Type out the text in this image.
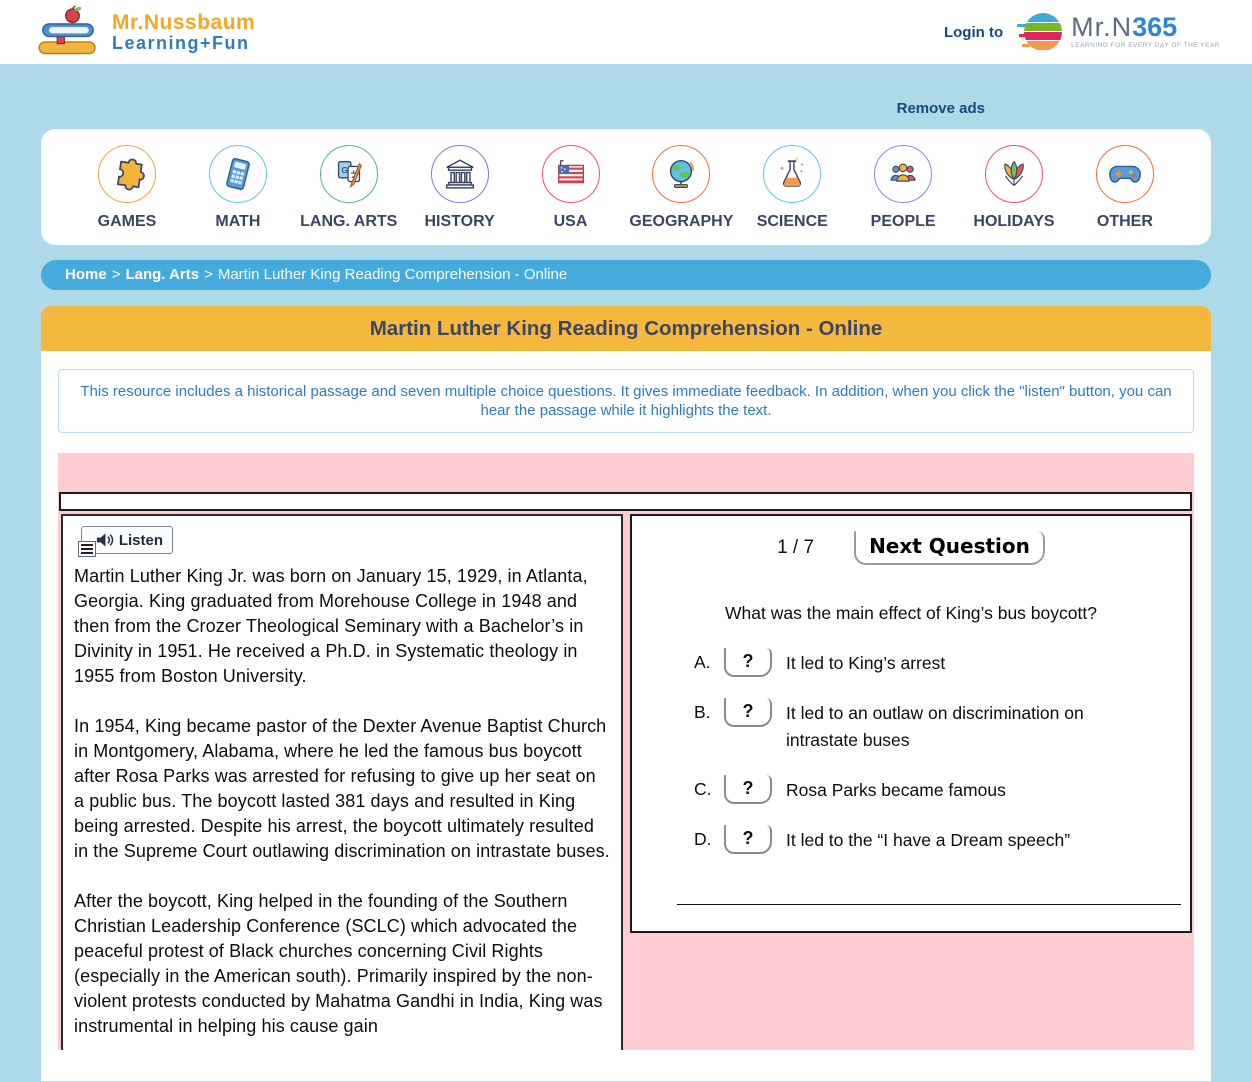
Mr.Nussbaum
Learning+Fun
Login to	Mr.N365
LEARNING FOR EVERY DAY OF THE YEAR
Remove ads
GAMES	MATH
G
LANG. ARTS HISTORY	USA	GEOGRAPHY SCIENCE	PEOPLE HOLIDAYS	OTHER
Home > Lang. Arts > Martin Luther King Reading Comprehension - Online
Martin Luther King Reading Comprehension - Online
This resource includes a historical passage and seven multiple choice questions. It gives immediate feedback. In addition, when you click the "listen" button, you can hear the passage while it highlights the text.
Listen

Martin Luther King Jr. was born on January 15, 1929, in Atlanta, Georgia. King graduated from Morehouse College in 1948 and then from the Crozer Theological Seminary with a Bachelor’s in Divinity in 1951. He received a Ph.D. in Systematic theology in 1955 from Boston University.

In 1954, King became pastor of the Dexter Avenue Baptist Church in Montgomery, Alabama, where he led the famous bus boycott after Rosa Parks was arrested for refusing to give up her seat on a public bus. The boycott lasted 381 days and resulted in King being arrested. Despite his arrest, the boycott ultimately resulted in the Supreme Court outlawing discrimination on intrastate buses.

After the boycott, King helped in the founding of the Southern Christian Leadership Conference (SCLC) which advocated the peaceful protest of Black churches concerning Civil Rights (especially in the American south). Primarily inspired by the non-violent protests conducted by Mahatma Gandhi in India, King was instrumental in helping his cause gain

1 / 7	Next Question
What was the main effect of King’s bus boycott?
A.	?	It led to King’s arrest
B.	?	It led to an outlaw on discrimination on intrastate buses
C.	?	Rosa Parks became famous
D.	?	It led to the “I have a Dream speech”
